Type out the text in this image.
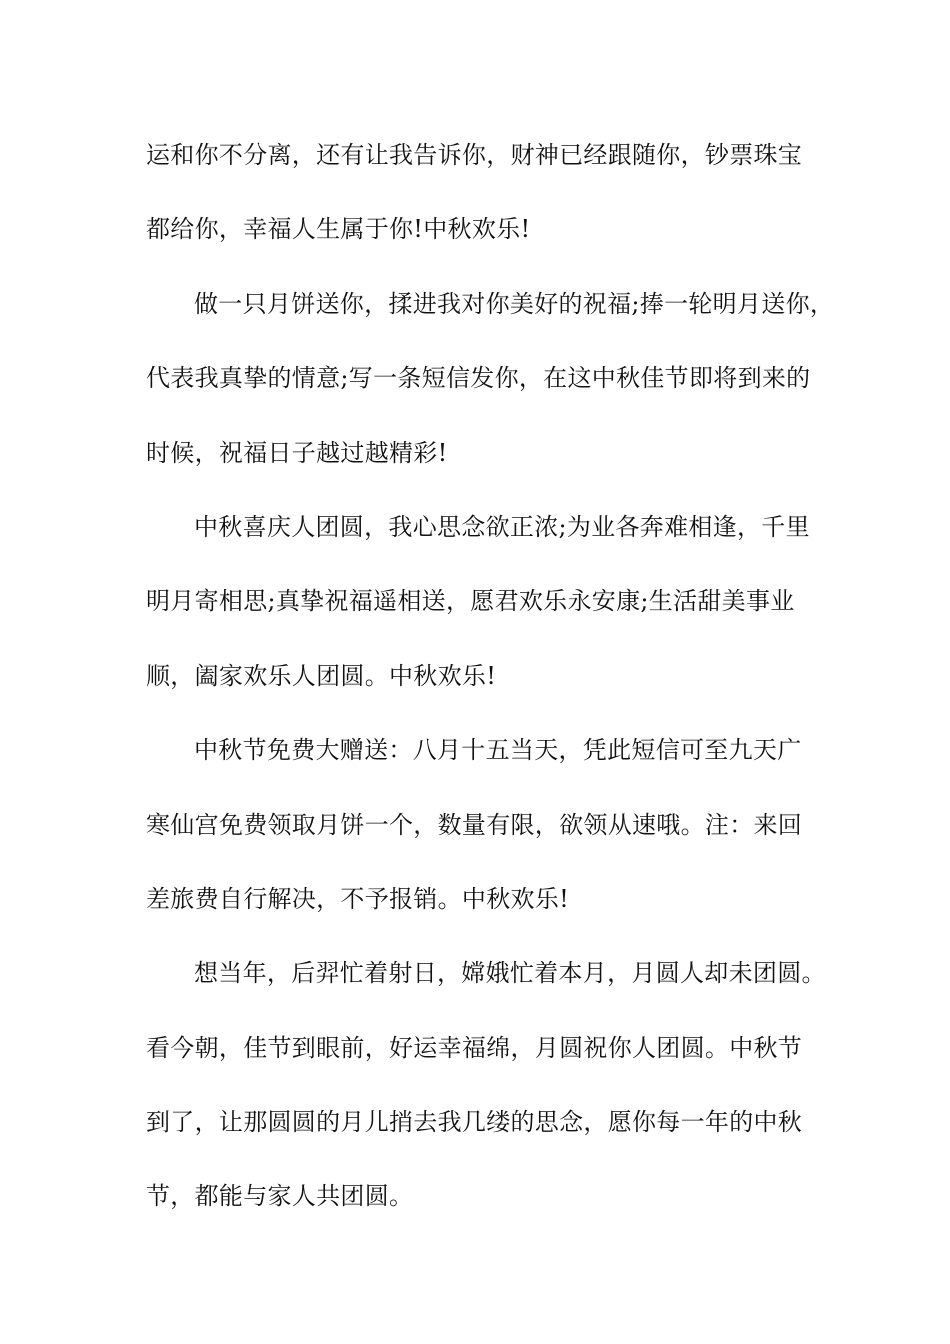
运和你不分离，还有让我告诉你，财神已经跟随你，钞票珠宝
都给你，幸福人生属于你!中秋欢乐!
做一只月饼送你，揉进我对你美好的祝福;捧一轮明月送你，
代表我真挚的情意;写一条短信发你，在这中秋佳节即将到来的
时候，祝福日子越过越精彩!
中秋喜庆人团圆，我心思念欲正浓;为业各奔难相逢，千里
明月寄相思;真挚祝福遥相送，愿君欢乐永安康;生活甜美事业
顺，阖家欢乐人团圆。中秋欢乐!
中秋节免费大赠送：八月十五当天，凭此短信可至九天广
寒仙宫免费领取月饼一个，数量有限，欲领从速哦。注：来回
差旅费自行解决，不予报销。中秋欢乐!
想当年，后羿忙着射日，嫦娥忙着本月，月圆人却未团圆。
看今朝，佳节到眼前，好运幸福绵，月圆祝你人团圆。中秋节
到了，让那圆圆的月儿捎去我几缕的思念，愿你每一年的中秋
节，都能与家人共团圆。
